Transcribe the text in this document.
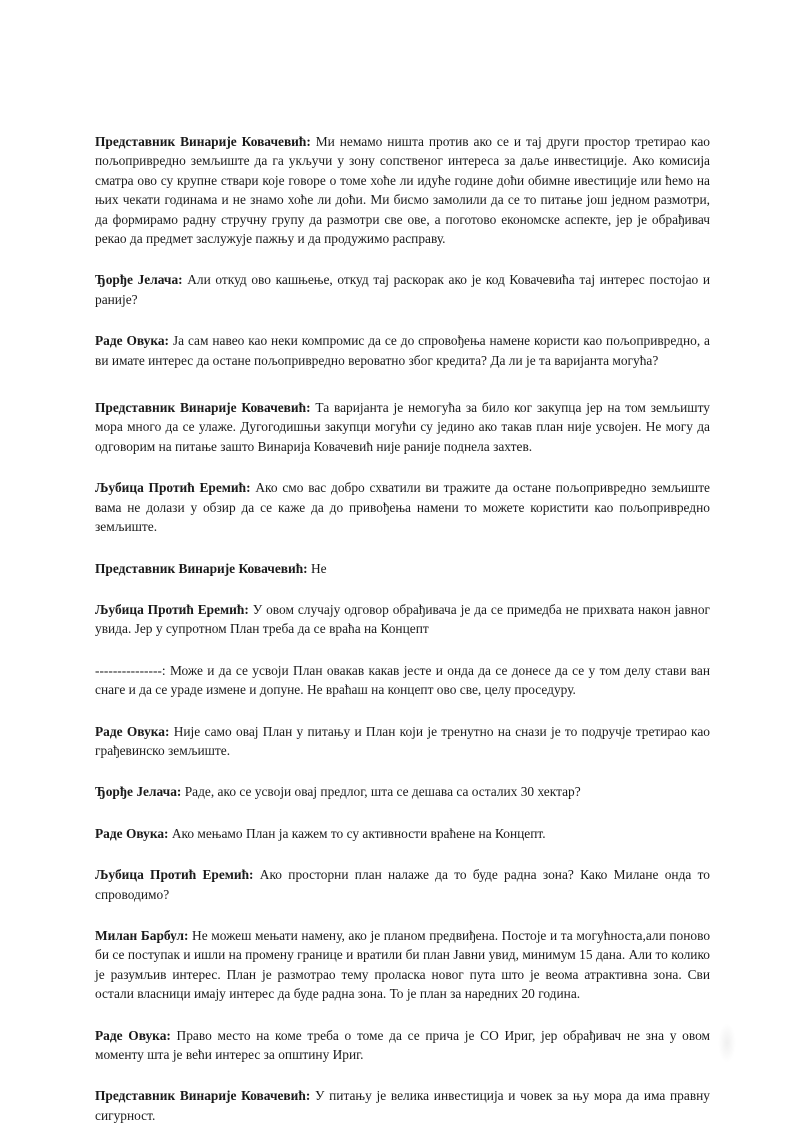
Представник Винарије Ковачевић: Ми немамо ништа против ако се и тај други простор третирао као пољопривредно земљиште да га укључи у зону сопственог интереса за даље инвестиције. Ако комисија сматра ово су крупне ствари које говоре о томе хоће ли идуће године доћи обимне ивестиције или ћемо на њих чекати годинама и не знамо хоће ли доћи. Ми бисмо замолили да се то питање још једном размотри, да формирамо радну стручну групу да размотри све ове, а поготово економске аспекте, јер је обрађивач рекао да предмет заслужује пажњу и да продужимо расправу.

Ђорђе Јелача: Али откуд ово кашњење, откуд тај раскорак ако је код Ковачевића тај интерес постојао и раније?

Раде Овука: Ја сам навео као неки компромис да се до спровођења намене користи као пољопривредно, а ви имате интерес да остане пољопривредно вероватно због кредита? Да ли је та варијанта могућа?

Представник Винарије Ковачевић: Та варијанта је немогућа за било ког закупца јер на том земљишту мора много да се улаже. Дугогодишњи закупци могући су једино ако такав план није усвојен. Не могу да одговорим на питање зашто Винарија Ковачевић није раније поднела захтев.

Љубица Протић Еремић: Ако смо вас добро схватили ви тражите да остане пољопривредно земљиште вама не долази у обзир да се каже да до привођења намени то можете користити као пољопривредно земљиште.

Представник Винарије Ковачевић: Не

Љубица Протић Еремић: У овом случају одговор обрађивача је да се примедба не прихвата након јавног увида. Јер у супротном План треба да се враћа на Концепт

---------------: Може и да се усвоји План овакав какав јесте и онда да се донесе да се у том делу стави ван снаге и да се ураде измене и допуне. Не враћаш на концепт ово све, целу проседуру.

Раде Овука: Није само овај План у питању и План који је тренутно на снази је то подручје третирао као грађевинско земљиште.

Ђорђе Јелача: Раде, ако се усвоји овај предлог, шта се дешава са осталих 30 хектар?

Раде Овука: Ако мењамо План ја кажем то су активности враћене на Концепт.

Љубица Протић Еремић: Ако просторни план налаже да то буде радна зона? Како Милане онда то спроводимо?

Милан Барбул: Не можеш мењати намену, ако је планом предвиђена. Постоје и та могућноста,али поново би се поступак и ишли на промену границе и вратили би план Јавни увид, минимум 15 дана. Али то колико је разумљив интерес. План је размотрао тему проласка новог пута што је веома атрактивна зона. Сви остали власници имају интерес да буде радна зона. То је план за наредних 20 година.

Раде Овука: Право место на коме треба о томе да се прича је СО Ириг, јер обрађивач не зна у овом моменту шта је већи интерес за општину Ириг.

Представник Винарије Ковачевић: У питању је велика инвестиција и човек за њу мора да има правну сигурност.
